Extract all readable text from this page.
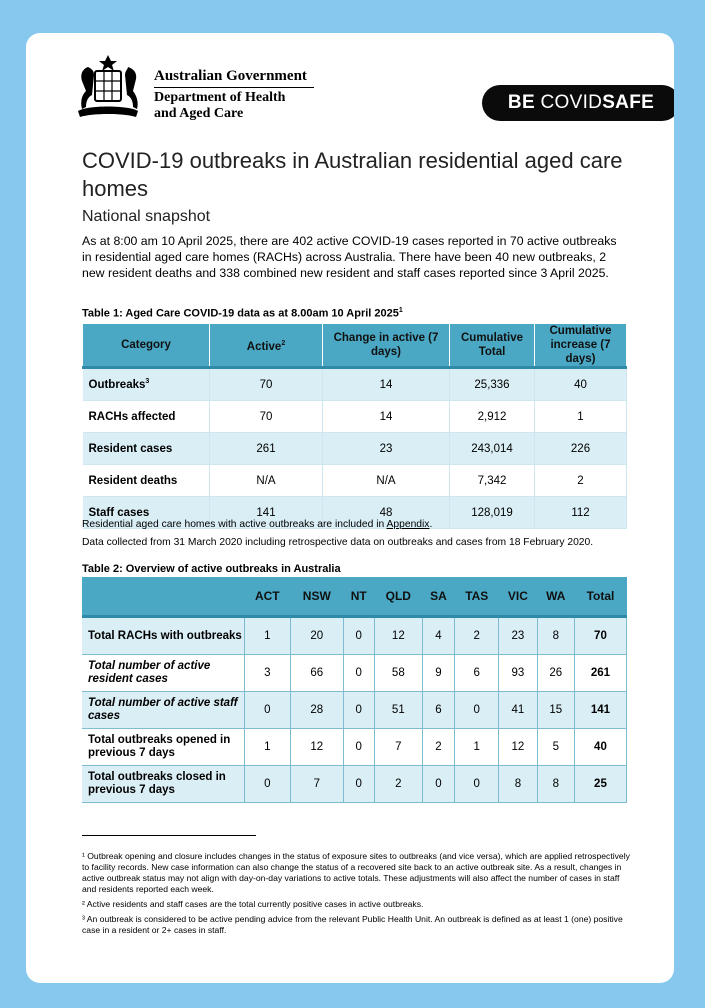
Australian Government
Department of Health
and Aged Care
BE COVIDSAFE
COVID-19 outbreaks in Australian residential aged care homes
National snapshot
As at 8:00 am 10 April 2025, there are 402 active COVID-19 cases reported in 70 active outbreaks in residential aged care homes (RACHs) across Australia. There have been 40 new outbreaks, 2 new resident deaths and 338 combined new resident and staff cases reported since 3 April 2025.
Table 1: Aged Care COVID-19 data as at 8.00am 10 April 2025$^1$
Category	Active$^2$	Change in active (7 days)	Cumulative Total	Cumulative increase (7 days)
Outbreaks$^3$	70	14	25,336	40
RACHs affected	70	14	2,912	1
Resident cases	261	23	243,014	226
Resident deaths	N/A	N/A	7,342	2
Staff cases	141	48	128,019	112
Residential aged care homes with active outbreaks are included in Appendix.
Data collected from 31 March 2020 including retrospective data on outbreaks and cases from 18 February 2020.
Table 2: Overview of active outbreaks in Australia
	ACT	NSW	NT	QLD	SA	TAS	VIC	WA	Total
Total RACHs with outbreaks	1	20	0	12	4	2	23	8	70
Total number of active resident cases	3	66	0	58	9	6	93	26	261
Total number of active staff cases	0	28	0	51	6	0	41	15	141
Total outbreaks opened in previous 7 days	1	12	0	7	2	1	12	5	40
Total outbreaks closed in previous 7 days	0	7	0	2	0	0	8	8	25

¹ Outbreak opening and closure includes changes in the status of exposure sites to outbreaks (and vice versa), which are applied retrospectively to facility records. New case information can also change the status of a recovered site back to an active outbreak site. As a result, changes in active outbreak status may not align with day-on-day variations to active totals. These adjustments will also affect the number of cases in staff and residents reported each week.

² Active residents and staff cases are the total currently positive cases in active outbreaks.

³ An outbreak is considered to be active pending advice from the relevant Public Health Unit. An outbreak is defined as at least 1 (one) positive case in a resident or 2+ cases in staff.
